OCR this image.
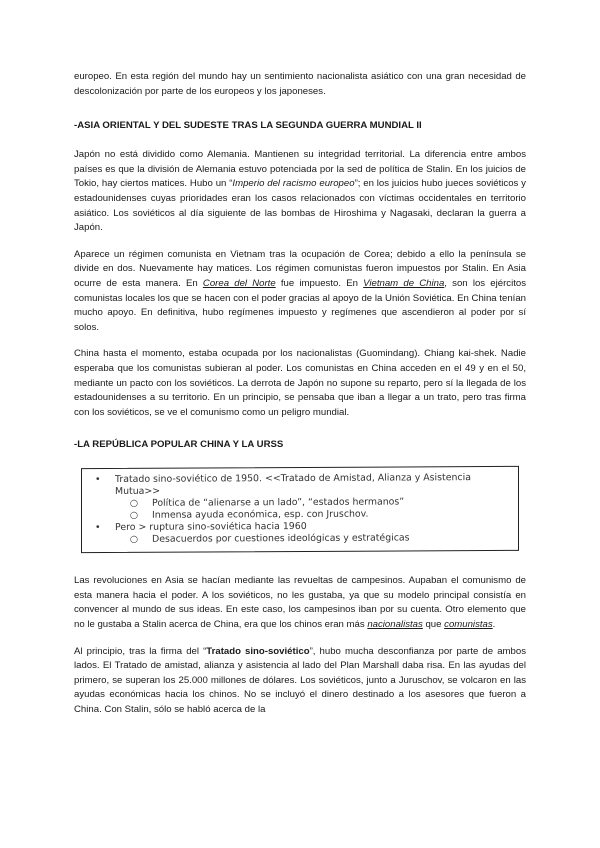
europeo. En esta región del mundo hay un sentimiento nacionalista asiático con una gran necesidad de descolonización por parte de los europeos y los japoneses.

-ASIA ORIENTAL Y DEL SUDESTE TRAS LA SEGUNDA GUERRA MUNDIAL II

Japón no está dividido como Alemania. Mantienen su integridad territorial. La diferencia entre ambos países es que la división de Alemania estuvo potenciada por la sed de política de Stalin. En los juicios de Tokio, hay ciertos matices. Hubo un “Imperio del racismo europeo”; en los juicios hubo jueces soviéticos y estadounidenses cuyas prioridades eran los casos relacionados con víctimas occidentales en territorio asiático. Los soviéticos al día siguiente de las bombas de Hiroshima y Nagasaki, declaran la guerra a Japón.

Aparece un régimen comunista en Vietnam tras la ocupación de Corea; debido a ello la península se divide en dos. Nuevamente hay matices. Los régimen comunistas fueron impuestos por Stalin. En Asia ocurre de esta manera. En Corea del Norte fue impuesto. En Vietnam de China, son los ejércitos comunistas locales los que se hacen con el poder gracias al apoyo de la Unión Soviética. En China tenían mucho apoyo. En definitiva, hubo regímenes impuesto y regímenes que ascendieron al poder por sí solos.

China hasta el momento, estaba ocupada por los nacionalistas (Guomindang). Chiang kai-shek. Nadie esperaba que los comunistas subieran al poder. Los comunistas en China acceden en el 49 y en el 50, mediante un pacto con los soviéticos. La derrota de Japón no supone su reparto, pero sí la llegada de los estadounidenses a su territorio. En un principio, se pensaba que iban a llegar a un trato, pero tras firma con los soviéticos, se ve el comunismo como un peligro mundial.

-LA REPÚBLICA POPULAR CHINA Y LA URSS
•	Tratado sino-soviético de 1950. <<Tratado de Amistad, Alianza y Asistencia Mutua>>
○	Política de “alienarse a un lado”, “estados hermanos”
○	Inmensa ayuda económica, esp. con Jruschov.
•	Pero > ruptura sino-soviética hacia 1960
○	Desacuerdos por cuestiones ideológicas y estratégicas

Las revoluciones en Asia se hacían mediante las revueltas de campesinos. Aupaban el comunismo de esta manera hacia el poder. A los soviéticos, no les gustaba, ya que su modelo principal consistía en convencer al mundo de sus ideas. En este caso, los campesinos iban por su cuenta. Otro elemento que no le gustaba a Stalin acerca de China, era que los chinos eran más nacionalistas que comunistas.

Al principio, tras la firma del “Tratado sino-soviético”, hubo mucha desconfianza por parte de ambos lados. El Tratado de amistad, alianza y asistencia al lado del Plan Marshall daba risa. En las ayudas del primero, se superan los 25.000 millones de dólares. Los soviéticos, junto a Juruschov, se volcaron en las ayudas económicas hacia los chinos. No se incluyó el dinero destinado a los asesores que fueron a China. Con Stalin, sólo se habló acerca de la
